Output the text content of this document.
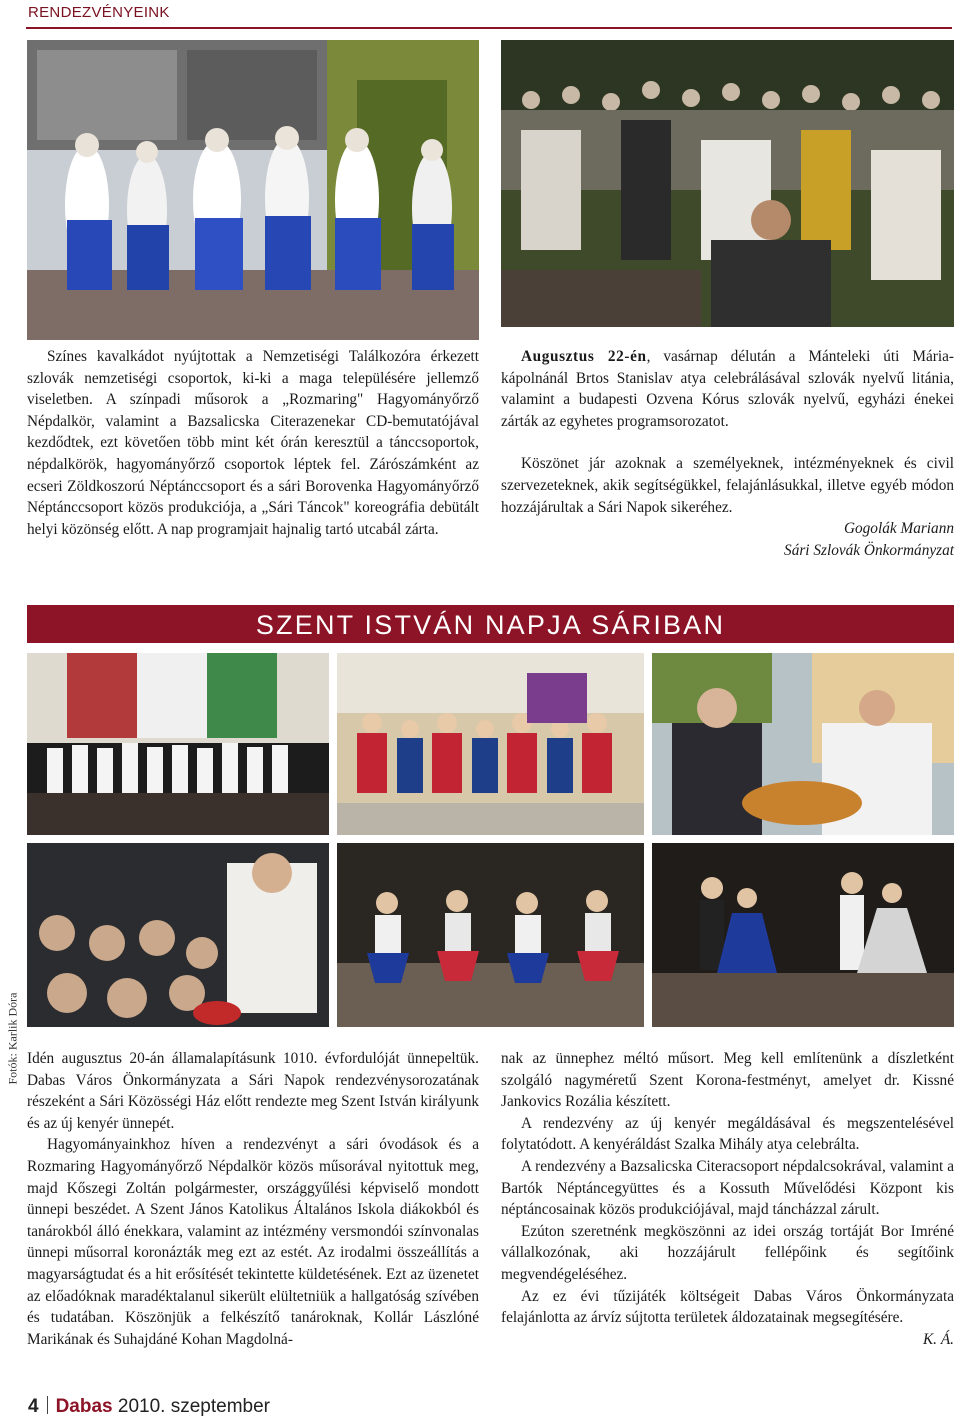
RENDEZVÉNYEINK

Színes kavalkádot nyújtottak a Nemzetiségi Találkozóra érkezett szlovák nemzetiségi csoportok, ki-ki a maga településére jellemző viseletben. A színpadi műsorok a „Rozmaring" Hagyományőrző Népdalkör, valamint a Bazsalicska Citerazenekar CD-bemutatójával kezdődtek, ezt követően több mint két órán keresztül a tánccsoportok, népdalkörök, hagyományőrző csoportok léptek fel. Zárószámként az ecseri Zöldkoszorú Néptánccsoport és a sári Borovenka Hagyományőrző Néptánccsoport közös produkciója, a „Sári Táncok" koreográfia debütált helyi közönség előtt. A nap programjait hajnalig tartó utcabál zárta.

Augusztus 22-én, vasárnap délután a Mánteleki úti Mária-kápolnánál Brtos Stanislav atya celebrálásával szlovák nyelvű litánia, valamint a budapesti Ozvena Kórus szlovák nyelvű, egyházi énekei zárták az egyhetes programsorozatot.

Köszönet jár azoknak a személyeknek, intézményeknek és civil szervezeteknek, akik segítségükkel, felajánlásukkal, illetve egyéb módon hozzájárultak a Sári Napok sikeréhez.

Gogolák Mariann

Sári Szlovák Önkormányzat

SZENT ISTVÁN NAPJA SÁRIBAN
Fotók: Karlik Dóra Idén augusztus 20-án államalapításunk 1010. évfordulóját ünnepeltük. Dabas Város Önkormányzata a Sári Napok rendezvénysorozatának részeként a Sári Közösségi Ház előtt rendezte meg Szent István királyunk és az új kenyér ünnepét.

Hagyományainkhoz híven a rendezvényt a sári óvodások és a Rozmaring Hagyományőrző Népdalkör közös műsorával nyitottuk meg, majd Kőszegi Zoltán polgármester, országgyűlési képviselő mondott ünnepi beszédet. A Szent János Katolikus Általános Iskola diákokból és tanárokból álló énekkara, valamint az intézmény versmondói színvonalas ünnepi műsorral koronázták meg ezt az estét. Az irodalmi összeállítás a magyarságtudat és a hit erősítését tekintette küldetésének. Ezt az üzenetet az előadóknak maradéktalanul sikerült elültetniük a hallgatóság szívében és tudatában. Köszönjük a felkészítő tanároknak, Kollár Lászlóné Marikának és Suhajdáné Kohan Magdolná-

nak az ünnephez méltó műsort. Meg kell említenünk a díszletként szolgáló nagyméretű Szent Korona-festményt, amelyet dr. Kissné Jankovics Rozália készített.

A rendezvény az új kenyér megáldásával és megszentelésével folytatódott. A kenyéráldást Szalka Mihály atya celebrálta.

A rendezvény a Bazsalicska Citeracsoport népdalcsokrával, valamint a Bartók Néptáncegyüttes és a Kossuth Művelődési Központ kis néptáncosainak közös produkciójával, majd táncházzal zárult.

Ezúton szeretnénk megköszönni az idei ország tortáját Bor Imréné vállalkozónak, aki hozzájárult fellépőink és segítőink megvendégeléséhez.

Az ez évi tűzijáték költségeit Dabas Város Önkormányzata felajánlotta az árvíz sújtotta területek áldozatainak megsegítésére.

K. Á.

4 Dabas 2010. szeptember
